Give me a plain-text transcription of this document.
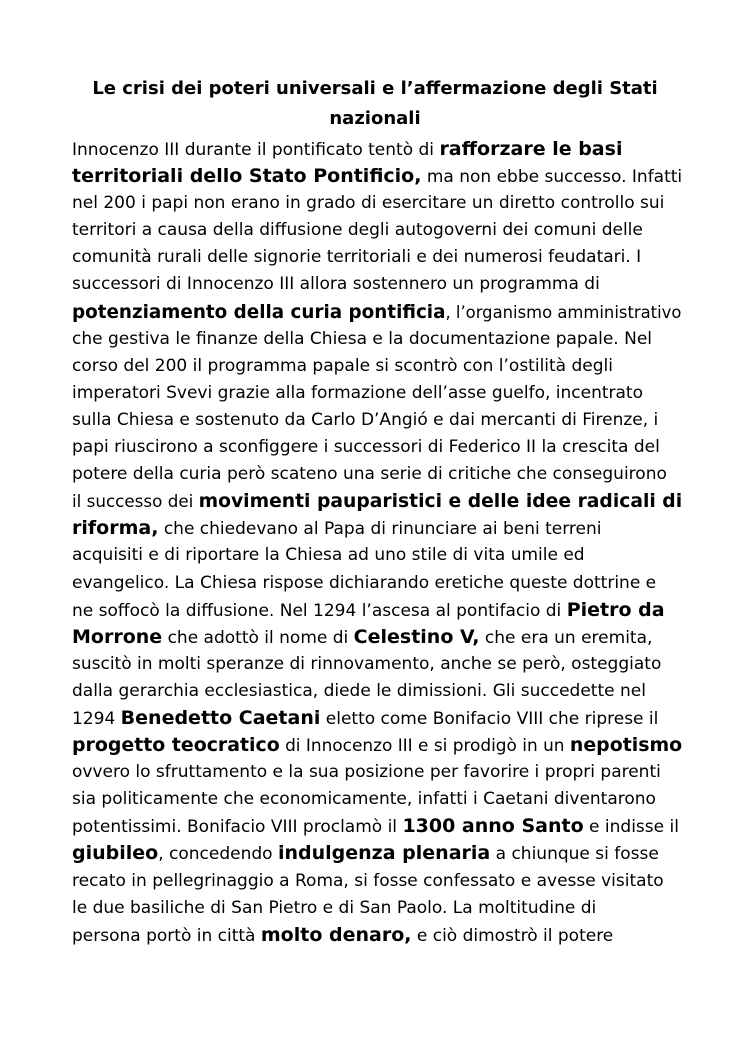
Le crisi dei poteri universali e l’affermazione degli Stati nazionali
Innocenzo III durante il pontificato tentò di rafforzare le basi
territoriali dello Stato Pontificio, ma non ebbe successo. Infatti
nel 200 i papi non erano in grado di esercitare un diretto controllo sui
territori a causa della diffusione degli autogoverni dei comuni delle
comunità rurali delle signorie territoriali e dei numerosi feudatari. I
successori di Innocenzo III allora sostennero un programma di
potenziamento della curia pontificia, l’organismo amministrativo
che gestiva le finanze della Chiesa e la documentazione papale. Nel
corso del 200 il programma papale si scontrò con l’ostilità degli
imperatori Svevi grazie alla formazione dell’asse guelfo, incentrato
sulla Chiesa e sostenuto da Carlo D’Angió e dai mercanti di Firenze, i
papi riuscirono a sconfiggere i successori di Federico II la crescita del
potere della curia però scateno una serie di critiche che conseguirono
il successo dei movimenti pauparistici e delle idee radicali di
riforma, che chiedevano al Papa di rinunciare ai beni terreni
acquisiti e di riportare la Chiesa ad uno stile di vita umile ed
evangelico. La Chiesa rispose dichiarando eretiche queste dottrine e
ne soffocò la diffusione. Nel 1294 l’ascesa al pontifacio di Pietro da
Morrone che adottò il nome di Celestino V, che era un eremita,
suscitò in molti speranze di rinnovamento, anche se però, osteggiato
dalla gerarchia ecclesiastica, diede le dimissioni. Gli succedette nel
1294 Benedetto Caetani eletto come Bonifacio VIII che riprese il
progetto teocratico di Innocenzo III e si prodigò in un nepotismo
ovvero lo sfruttamento e la sua posizione per favorire i propri parenti
sia politicamente che economicamente, infatti i Caetani diventarono
potentissimi. Bonifacio VIII proclamò il 1300 anno Santo e indisse il
giubileo, concedendo indulgenza plenaria a chiunque si fosse
recato in pellegrinaggio a Roma, si fosse confessato e avesse visitato
le due basiliche di San Pietro e di San Paolo. La moltitudine di
persona portò in città molto denaro, e ciò dimostrò il potere
